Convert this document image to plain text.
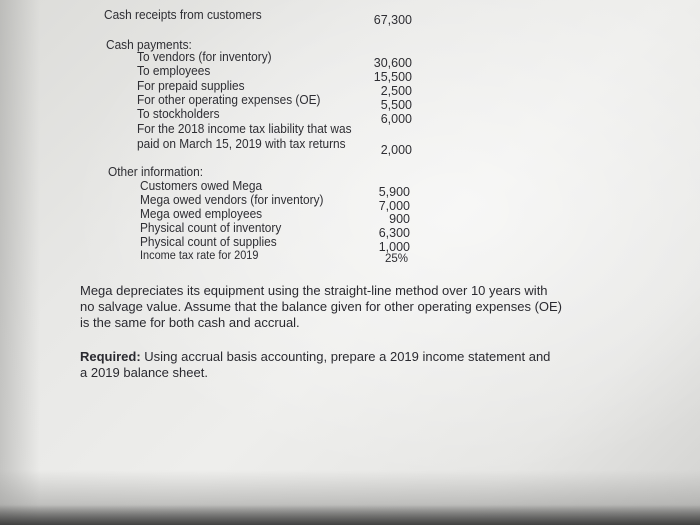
Cash receipts from customers	67,300
Cash payments:
To vendors (for inventory)	30,600
To employees	15,500
For prepaid supplies	2,500
For other operating expenses (OE)	5,500
To stockholders	6,000
For the 2018 income tax liability that was
paid on March 15, 2019 with tax returns	2,000
Other information:
Customers owed Mega	5,900
Mega owed vendors (for inventory)	7,000
Mega owed employees	900
Physical count of inventory	6,300
Physical count of supplies	1,000
Income tax rate for 2019	25%
Mega depreciates its equipment using the straight-line method over 10 years with
no salvage value. Assume that the balance given for other operating expenses (OE)
is the same for both cash and accrual.
Required: Using accrual basis accounting, prepare a 2019 income statement and
a 2019 balance sheet.
